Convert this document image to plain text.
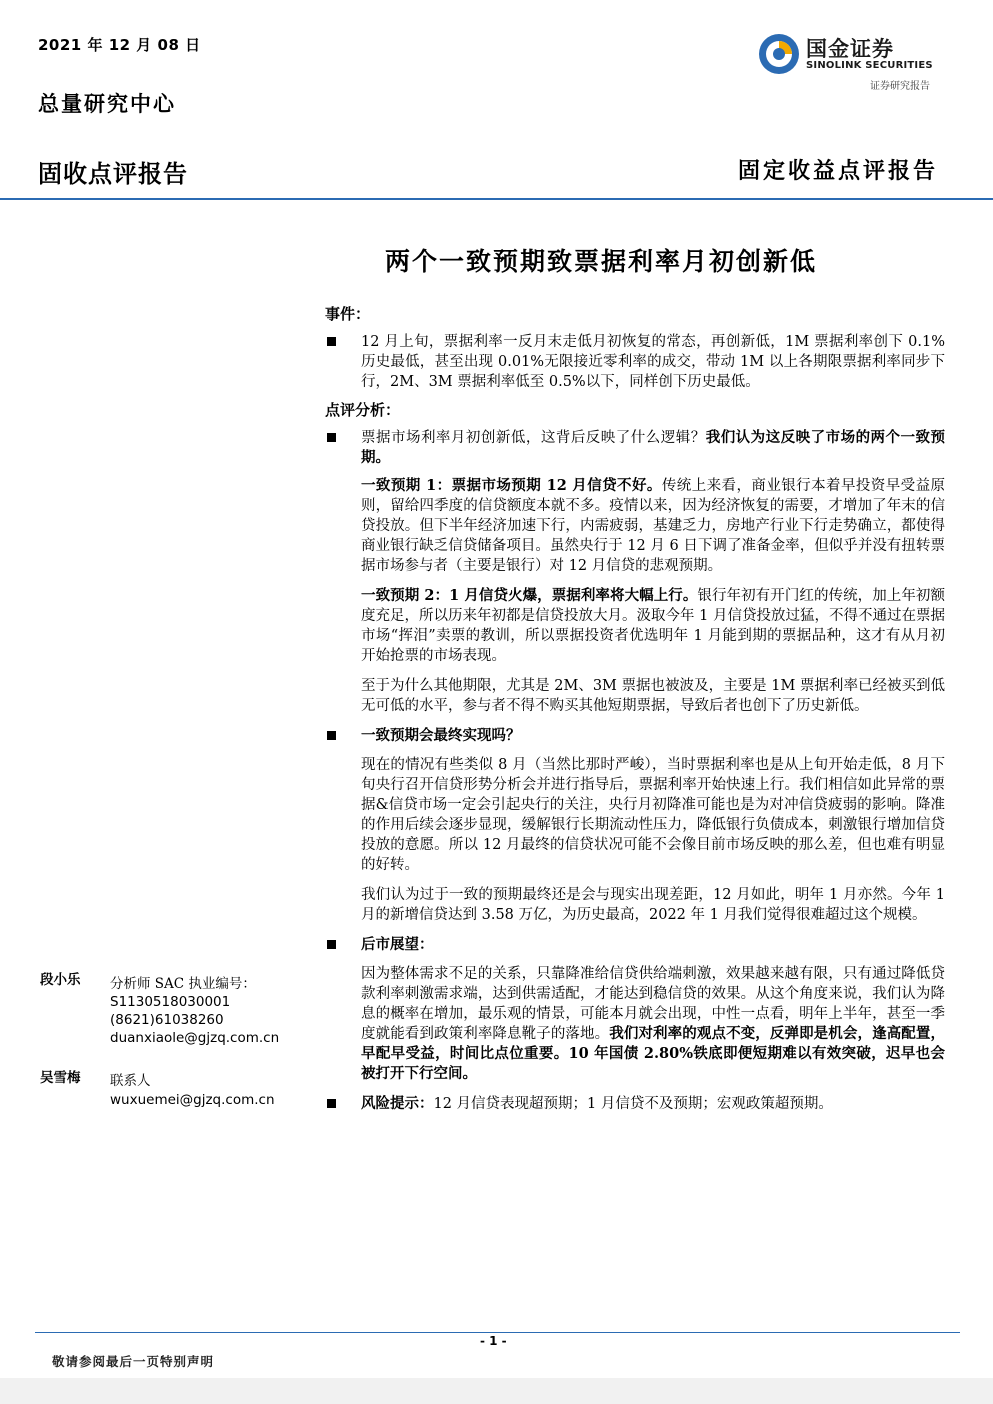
2021 年 12 月 08 日
总量研究中心
固收点评报告	固定收益点评报告
国金证券
SINOLINK SECURITIES
证券研究报告
两个一致预期致票据利率月初创新低
事件：
12 月上旬，票据利率一反月末走低月初恢复的常态，再创新低，1M 票据利率创下 0.1%历史最低，甚至出现 0.01%无限接近零利率的成交，带动 1M 以上各期限票据利率同步下行，2M、3M 票据利率低至 0.5%以下，同样创下历史最低。
点评分析：
票据市场利率月初创新低，这背后反映了什么逻辑？我们认为这反映了市场的两个一致预期。
一致预期 1：票据市场预期 12 月信贷不好。传统上来看，商业银行本着早投资早受益原则，留给四季度的信贷额度本就不多。疫情以来，因为经济恢复的需要，才增加了年末的信贷投放。但下半年经济加速下行，内需疲弱，基建乏力，房地产行业下行走势确立，都使得商业银行缺乏信贷储备项目。虽然央行于 12 月 6 日下调了准备金率，但似乎并没有扭转票据市场参与者（主要是银行）对 12 月信贷的悲观预期。
一致预期 2：1 月信贷火爆，票据利率将大幅上行。银行年初有开门红的传统，加上年初额度充足，所以历来年初都是信贷投放大月。汲取今年 1 月信贷投放过猛，不得不通过在票据市场“挥泪”卖票的教训，所以票据投资者优选明年 1 月能到期的票据品种，这才有从月初开始抢票的市场表现。
至于为什么其他期限，尤其是 2M、3M 票据也被波及，主要是 1M 票据利率已经被买到低无可低的水平，参与者不得不购买其他短期票据，导致后者也创下了历史新低。
一致预期会最终实现吗？
现在的情况有些类似 8 月（当然比那时严峻），当时票据利率也是从上旬开始走低，8 月下旬央行召开信贷形势分析会并进行指导后，票据利率开始快速上行。我们相信如此异常的票据&信贷市场一定会引起央行的关注，央行月初降准可能也是为对冲信贷疲弱的影响。降准的作用后续会逐步显现，缓解银行长期流动性压力，降低银行负债成本，刺激银行增加信贷投放的意愿。所以 12 月最终的信贷状况可能不会像目前市场反映的那么差，但也难有明显的好转。
我们认为过于一致的预期最终还是会与现实出现差距，12 月如此，明年 1 月亦然。今年 1 月的新增信贷达到 3.58 万亿，为历史最高，2022 年 1 月我们觉得很难超过这个规模。
后市展望：
因为整体需求不足的关系，只靠降准给信贷供给端刺激，效果越来越有限，只有通过降低贷款利率刺激需求端，达到供需适配，才能达到稳信贷的效果。从这个角度来说，我们认为降息的概率在增加，最乐观的情景，可能本月就会出现，中性一点看，明年上半年，甚至一季度就能看到政策利率降息靴子的落地。我们对利率的观点不变，反弹即是机会，逢高配置，早配早受益，时间比点位重要。10 年国债 2.80%铁底即便短期难以有效突破，迟早也会被打开下行空间。
风险提示：12 月信贷表现超预期；1 月信贷不及预期；宏观政策超预期。
段小乐 分析师 SAC 执业编号：
S1130518030001
(8621)61038260
duanxiaole@gjzq.com.cn
吴雪梅 联系人
wuxuemei@gjzq.com.cn
- 1 -
敬请参阅最后一页特别声明
